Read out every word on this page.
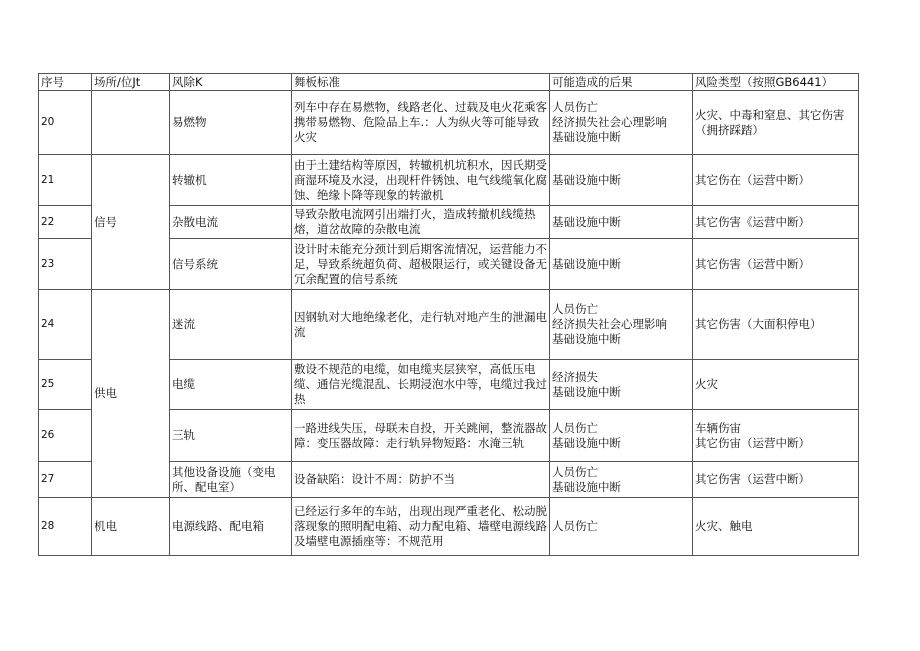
序号	场所/位Jt	风除K	舞板标准	可能造成的后果	风险类型（按照GB6441）
20		易燃物	列车中存在易燃物，线路老化、过载及电火花乘客携带易燃物、危险品上车.：人为纵火等可能导致火灾	人员伤亡
经济损失社会心理影响
基础设施中断	火灾、中毒和窒息、其它伤害（拥挤踩踏）
21	信号	转辙机	由于土建结构等原因，转辙机机坑积水，因氏期受商湿环境及水浸，出现杆件锈蚀、电气线缆氧化腐蚀、绝缘卜降等现象的转澈机	基础设施中断	其它伤在（运营中断）
22		杂散电流	导致杂散电流网引出端打火，造成转撤机线缆热熔，道岔故障的杂散电流	基础设施中断	其它伤害《运营中断）
23		信号系统	设计时未能充分颈计到后期客流情况，运营能力不足，导致系统超负荷、超极限运行，或关键设备无冗余配置的信号系统	基础设施中断	其它伤害（运营中断）
24	供电	迷流	因钢轨对大地绝缘老化，走行轨对地产生的泄漏电流	人员伤亡
经济损失社会心理影响
基础设施中断	其它伤害（大面积停电）
25		电缆	敷设不规范的电缆，如电缆夹层狭窄，高低压电缆、通信光缆混乱、长期浸泡水中等，电缆过我过热	经济损失
基础设施中断	火灾
26		三轨	一路进线失压，母联未自投，开关跳闸，整流器故障：变压器故障：走行轨异物短路：水淹三轨	人员伤亡
基础设施中断	车辆伤宙
其它伤宙（运营中断）
27		其他设备设施（变电所、配电室）	设备缺陷：设计不周：防护不当	人员伤亡
基础设施中断	其它伤害（运营中断）
28	机电	电源线路、配电箱	已经运行多年的车站，出现出现严重老化、松动脱落现象的照明配电箱、动力配电箱、墙壁电源线路及墙壁电源插座等：不规范用	人员伤亡	火灾、触电
